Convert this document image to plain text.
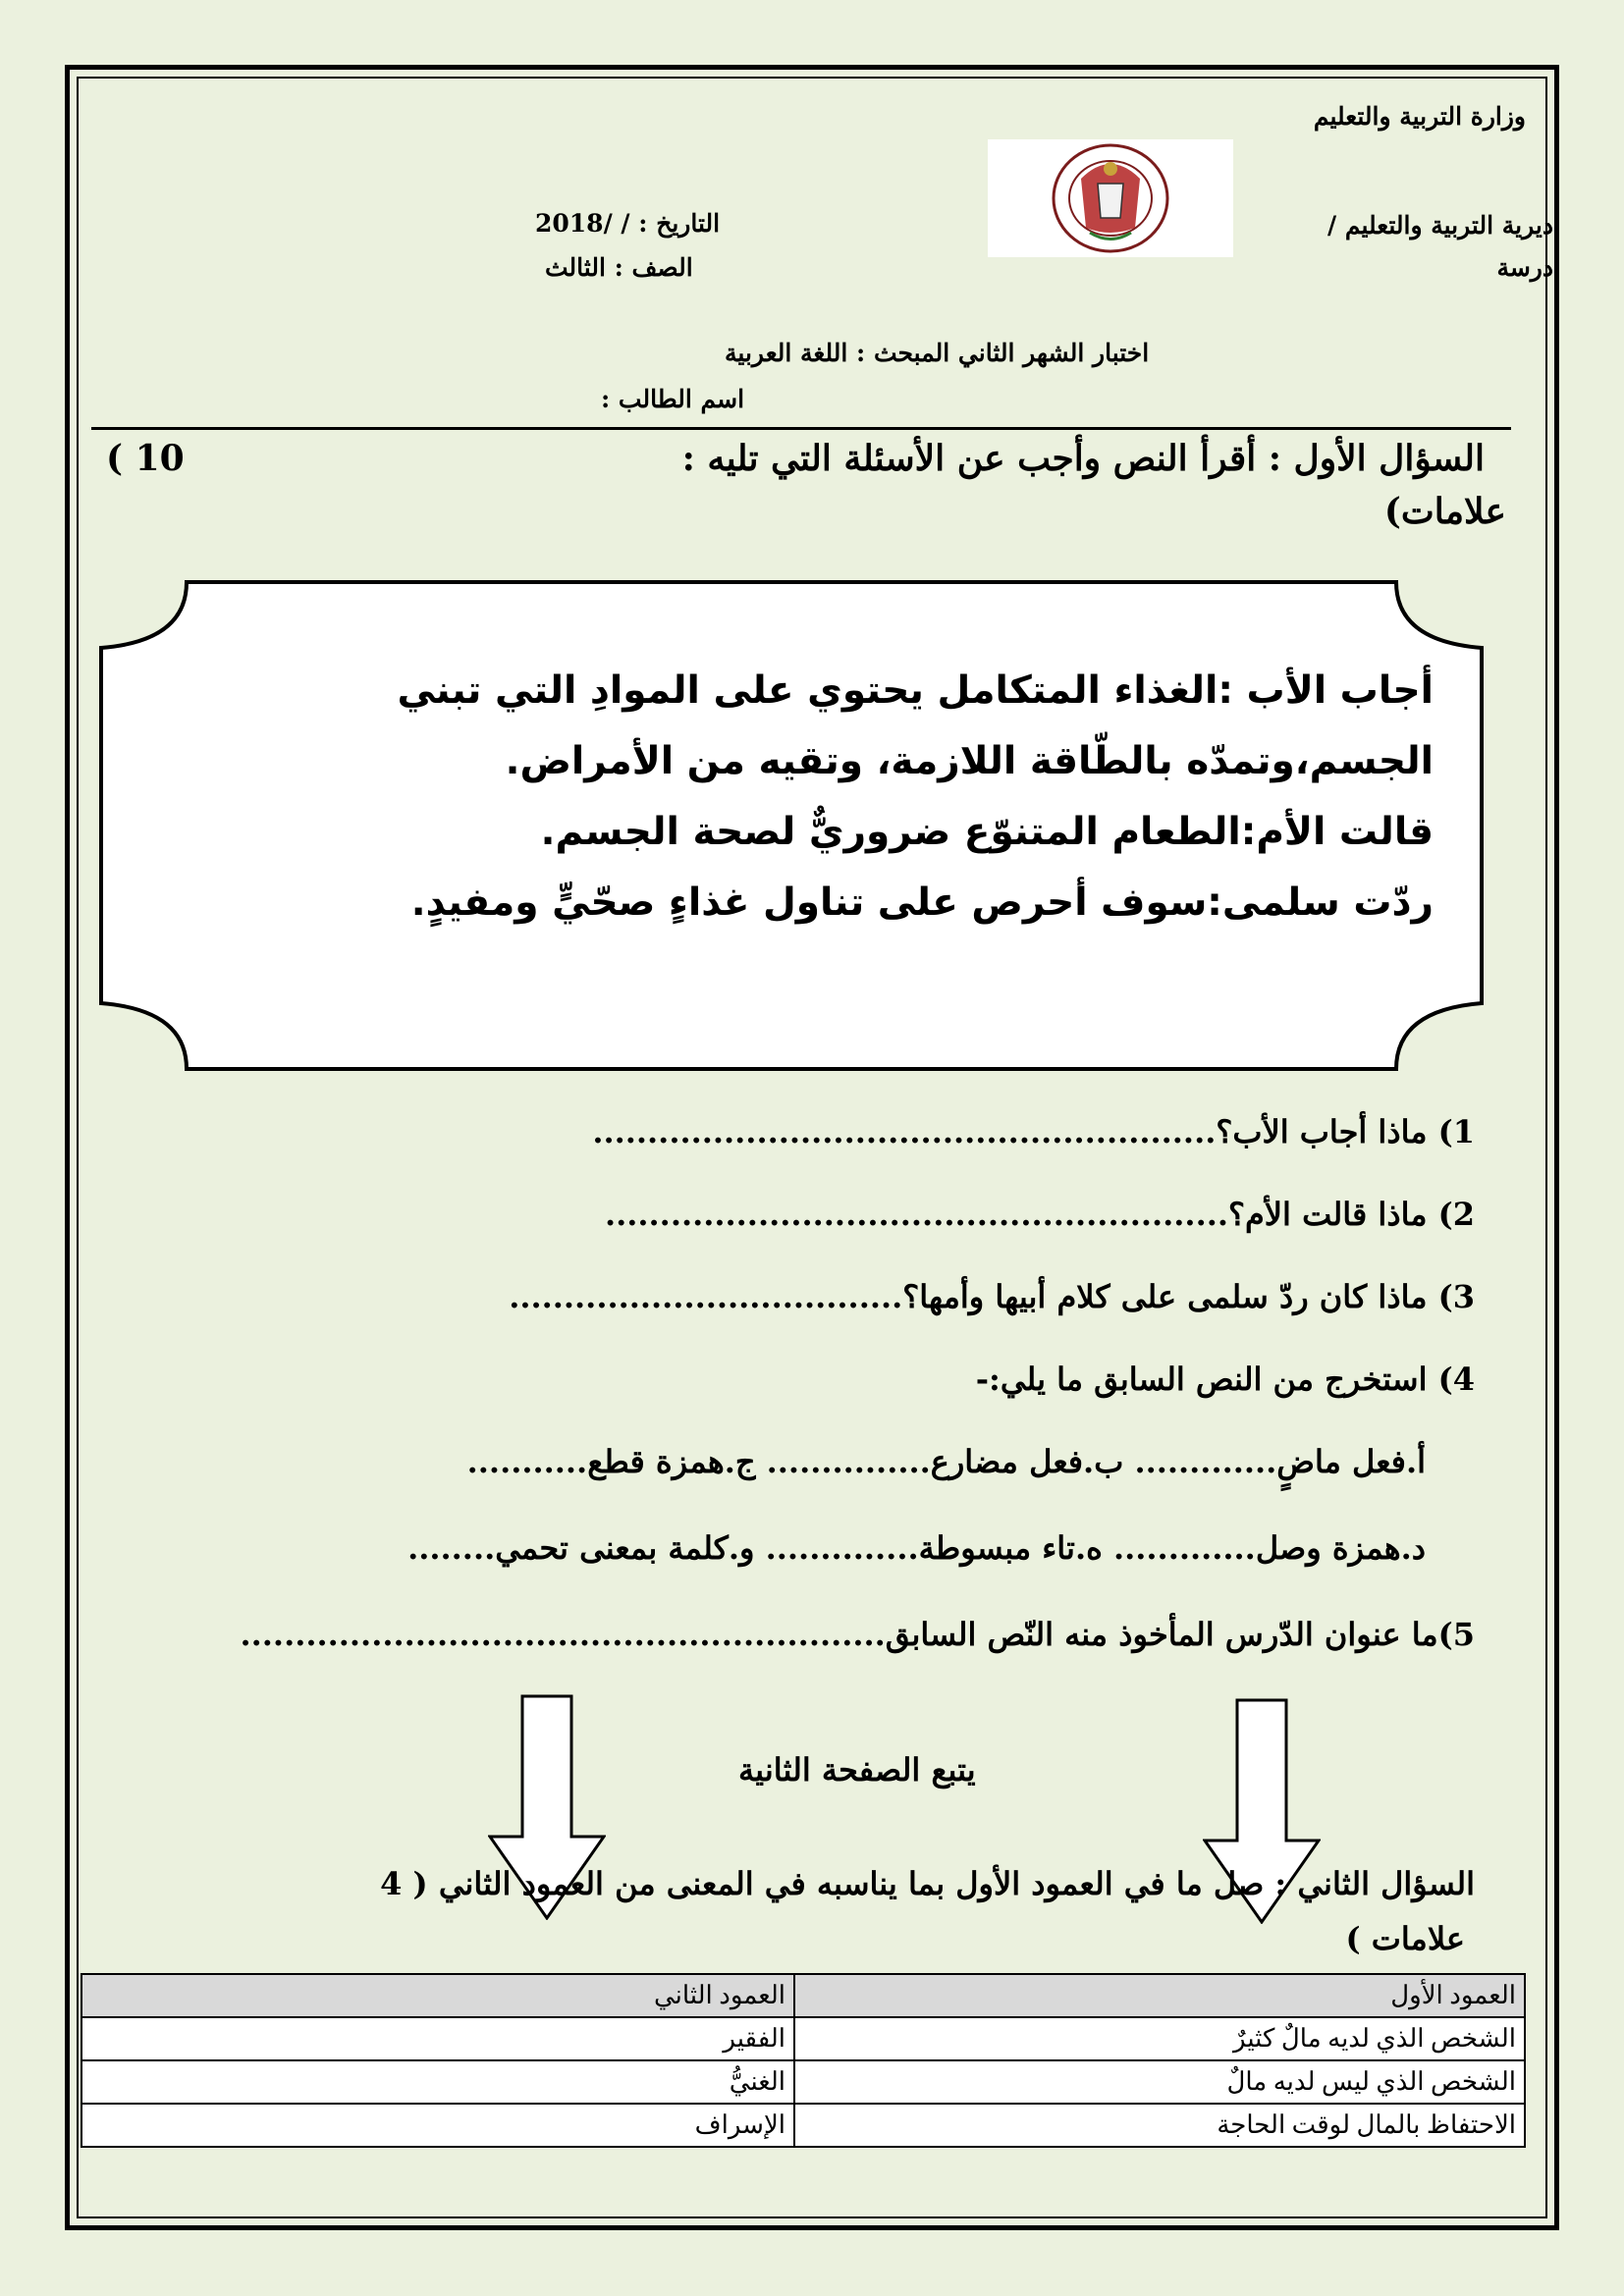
وزارة التربية والتعليم
ديرية التربية والتعليم /
درسة
التاريخ : / /2018
الصف : الثالث
اختبار الشهر الثاني المبحث : اللغة العربية
اسم الطالب :
السؤال الأول : أقرأ النص وأجب عن الأسئلة التي تليه :
( 10
علامات)
أجاب الأب :الغذاء المتكامل يحتوي على الموادِ التي تبني
الجسم،وتمدّه بالطّاقة اللازمة، وتقيه من الأمراض.
قالت الأم:الطعام المتنوّع ضروريٌّ لصحة الجسم.
ردّت سلمى:سوف أحرص على تناول غذاءٍ صحّيٍّ ومفيدٍ.
1) ماذا أجاب الأب؟.........................................................
2) ماذا قالت الأم؟.........................................................
3) ماذا كان ردّ سلمى على كلام أبيها وأمها؟....................................
4) استخرج من النص السابق ما يلي:-
أ.فعل ماضٍ............. ب.فعل مضارع............... ج.همزة قطع...........
د.همزة وصل............. ه.تاء مبسوطة.............. و.كلمة بمعنى تحمي........
5)ما عنوان الدّرس المأخوذ منه النّص السابق...........................................................
يتبع الصفحة الثانية
السؤال الثاني : صل ما في العمود الأول بما يناسبه في المعنى من العمود الثاني ( 4
علامات )
العمود الأول	العمود الثاني
الشخص الذي لديه مالٌ كثيرٌ	الفقير
الشخص الذي ليس لديه مالٌ	الغنيُّ
الاحتفاظ بالمال لوقت الحاجة	الإسراف
